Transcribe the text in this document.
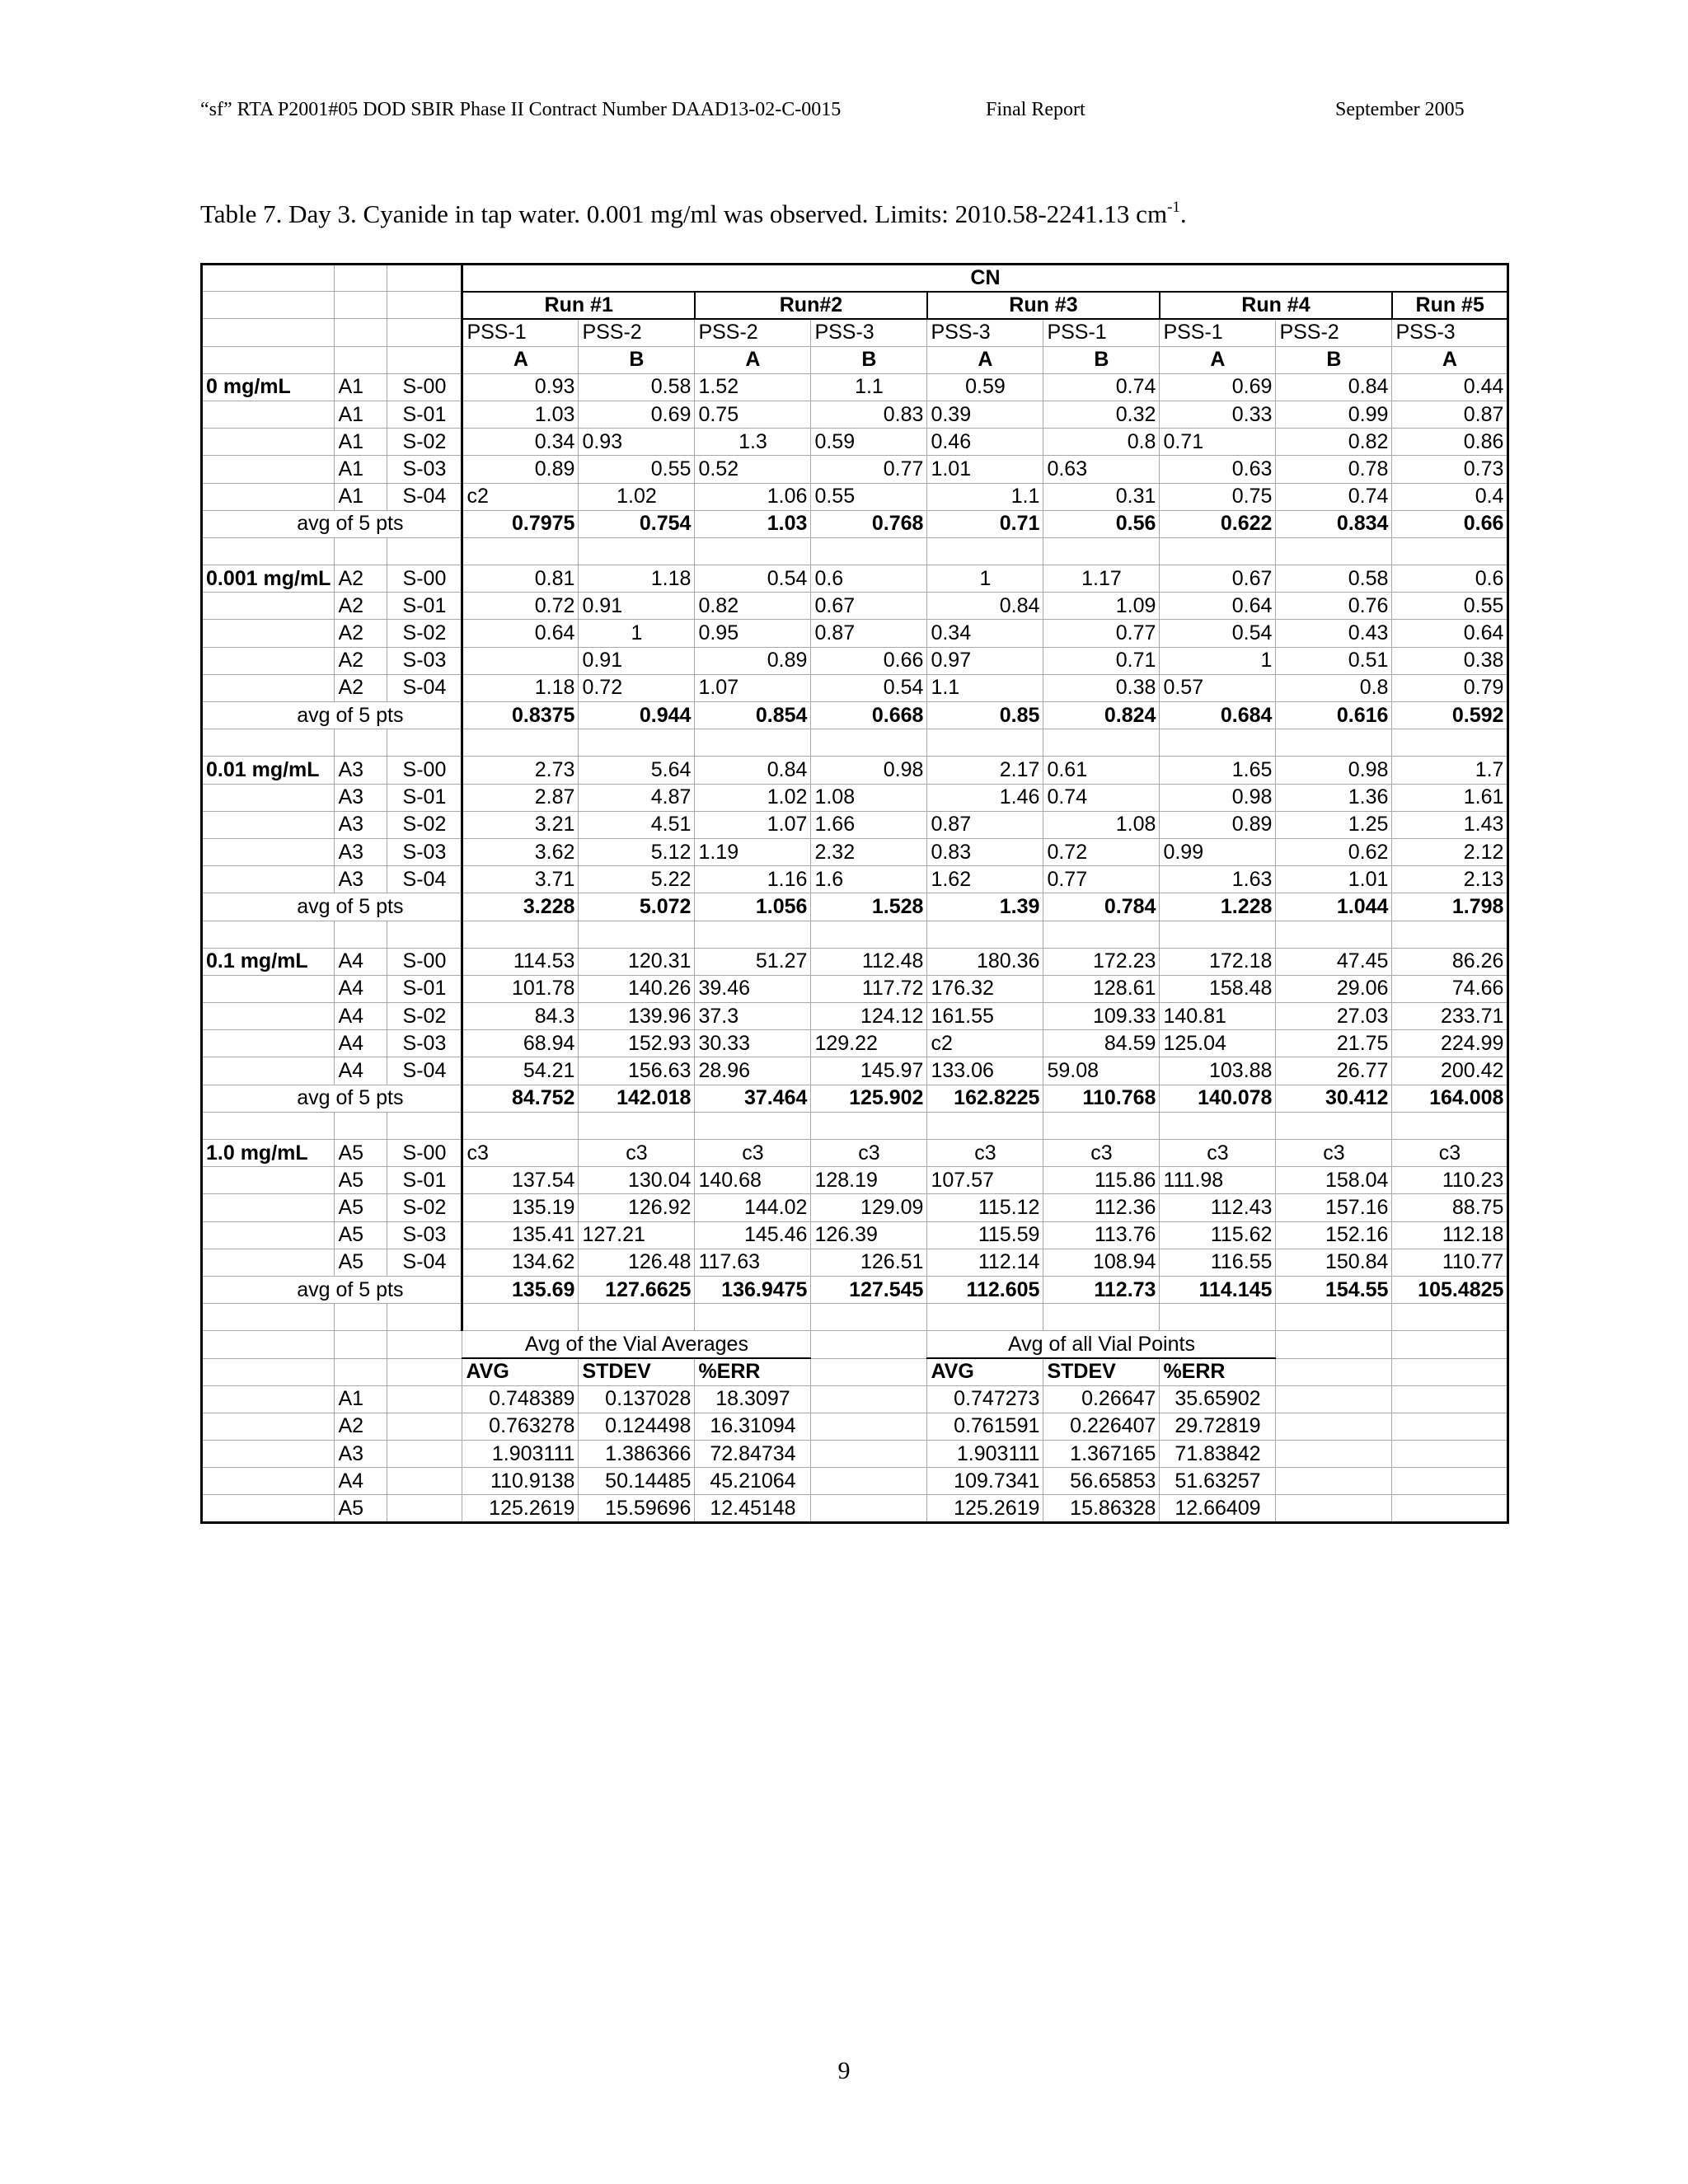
“sf” RTA P2001#05 DOD SBIR Phase II Contract Number DAAD13-02-C-0015	Final Report	September 2005
Table 7. Day 3. Cyanide in tap water. 0.001 mg/ml was observed. Limits: 2010.58-2241.13 $cm^{-1}$.
			CN								
			Run #1		Run#2		Run #3		Run #4		Run #5
			PSS-1	PSS-2	PSS-2	PSS-3	PSS-3	PSS-1	PSS-1	PSS-2	PSS-3
			A	B	A	B	A	B	A	B	A
0 mg/mL	A1	S-00	0.93	0.58	1.52	1.1	0.59	0.74	0.69	0.84	0.44
	A1	S-01	1.03	0.69	0.75	0.83	0.39	0.32	0.33	0.99	0.87
	A1	S-02	0.34	0.93	1.3	0.59	0.46	0.8	0.71	0.82	0.86
	A1	S-03	0.89	0.55	0.52	0.77	1.01	0.63	0.63	0.78	0.73
	A1	S-04	c2	1.02	1.06	0.55	1.1	0.31	0.75	0.74	0.4
avg of 5 pts			0.7975	0.754	1.03	0.768	0.71	0.56	0.622	0.834	0.66

0.001 mg/mL	A2	S-00	0.81	1.18	0.54	0.6	1	1.17	0.67	0.58	0.6
	A2	S-01	0.72	0.91	0.82	0.67	0.84	1.09	0.64	0.76	0.55
	A2	S-02	0.64	1	0.95	0.87	0.34	0.77	0.54	0.43	0.64
	A2	S-03		0.91	0.89	0.66	0.97	0.71	1	0.51	0.38
	A2	S-04	1.18	0.72	1.07	0.54	1.1	0.38	0.57	0.8	0.79
avg of 5 pts			0.8375	0.944	0.854	0.668	0.85	0.824	0.684	0.616	0.592

0.01 mg/mL	A3	S-00	2.73	5.64	0.84	0.98	2.17	0.61	1.65	0.98	1.7
	A3	S-01	2.87	4.87	1.02	1.08	1.46	0.74	0.98	1.36	1.61
	A3	S-02	3.21	4.51	1.07	1.66	0.87	1.08	0.89	1.25	1.43
	A3	S-03	3.62	5.12	1.19	2.32	0.83	0.72	0.99	0.62	2.12
	A3	S-04	3.71	5.22	1.16	1.6	1.62	0.77	1.63	1.01	2.13
avg of 5 pts			3.228	5.072	1.056	1.528	1.39	0.784	1.228	1.044	1.798

0.1 mg/mL	A4	S-00	114.53	120.31	51.27	112.48	180.36	172.23	172.18	47.45	86.26
	A4	S-01	101.78	140.26	39.46	117.72	176.32	128.61	158.48	29.06	74.66
	A4	S-02	84.3	139.96	37.3	124.12	161.55	109.33	140.81	27.03	233.71
	A4	S-03	68.94	152.93	30.33	129.22	c2	84.59	125.04	21.75	224.99
	A4	S-04	54.21	156.63	28.96	145.97	133.06	59.08	103.88	26.77	200.42
avg of 5 pts			84.752	142.018	37.464	125.902	162.8225	110.768	140.078	30.412	164.008

1.0 mg/mL	A5	S-00	c3	c3	c3	c3	c3	c3	c3	c3	c3
	A5	S-01	137.54	130.04	140.68	128.19	107.57	115.86	111.98	158.04	110.23
	A5	S-02	135.19	126.92	144.02	129.09	115.12	112.36	112.43	157.16	88.75
	A5	S-03	135.41	127.21	145.46	126.39	115.59	113.76	115.62	152.16	112.18
	A5	S-04	134.62	126.48	117.63	126.51	112.14	108.94	116.55	150.84	110.77
avg of 5 pts			135.69	127.6625	136.9475	127.545	112.605	112.73	114.145	154.55	105.4825

			Avg of the Vial Averages				Avg of all Vial Points				
			AVG	STDEV	%ERR		AVG	STDEV	%ERR		
	A1		0.748389	0.137028	18.3097		0.747273	0.26647	35.65902		
	A2		0.763278	0.124498	16.31094		0.761591	0.226407	29.72819		
	A3		1.903111	1.386366	72.84734		1.903111	1.367165	71.83842		
	A4		110.9138	50.14485	45.21064		109.7341	56.65853	51.63257		
	A5		125.2619	15.59696	12.45148		125.2619	15.86328	12.66409		
9
